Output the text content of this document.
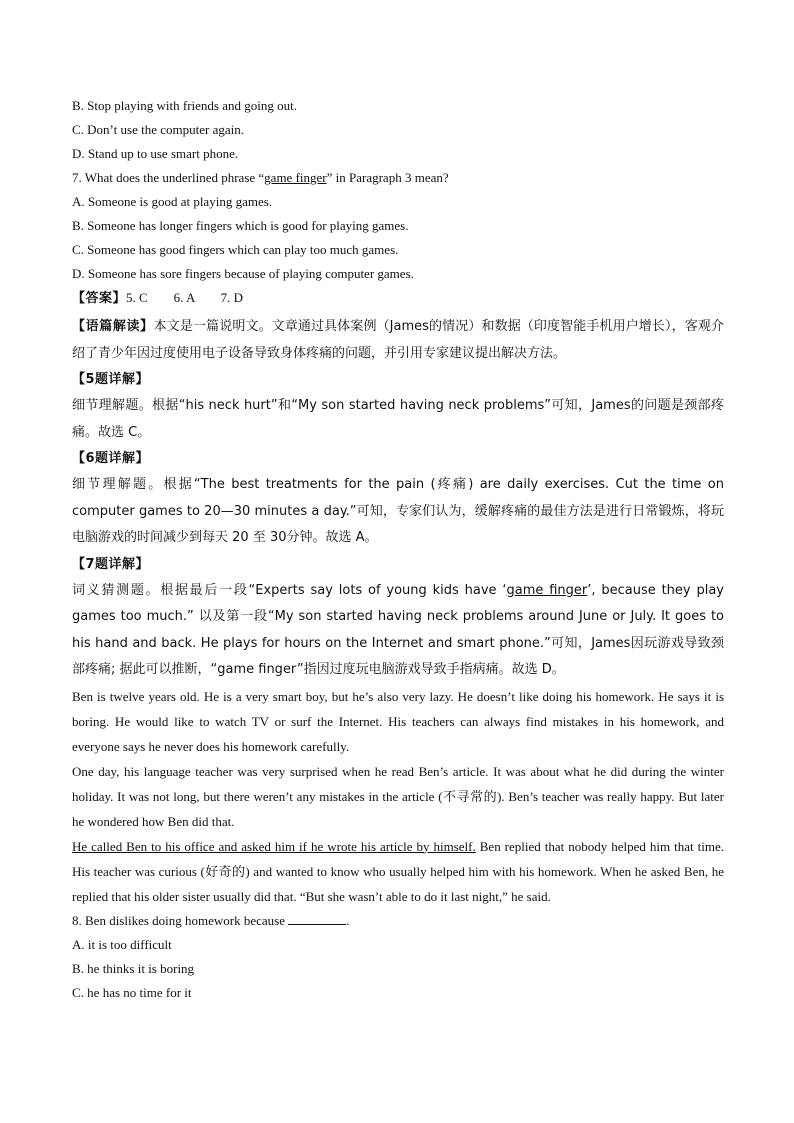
B. Stop playing with friends and going out.

C. Don’t use the computer again.

D. Stand up to use smart phone.

7. What does the underlined phrase “game finger” in Paragraph 3 mean?

A. Someone is good at playing games.

B. Someone has longer fingers which is good for playing games.

C. Someone has good fingers which can play too much games.

D. Someone has sore fingers because of playing computer games.

【答案】5. C        6. A        7. D

【语篇解读】本文是一篇说明文。文章通过具体案例（James的情况）和数据（印度智能手机用户增长），客观介绍了青少年因过度使用电子设备导致身体疼痛的问题，并引用专家建议提出解决方法。

【5题详解】

细节理解题。根据“his neck hurt”和“My son started having neck problems”可知，James的问题是颈部疼痛。故选 C。

【6题详解】

细节理解题。根据“The best treatments for the pain (疼痛) are daily exercises. Cut the time on computer games to 20—30 minutes a day.”可知，专家们认为，缓解疼痛的最佳方法是进行日常锻炼，将玩电脑游戏的时间减少到每天 20 至 30分钟。故选 A。

【7题详解】

词义猜测题。根据最后一段“Experts say lots of young kids have ‘game finger’, because they play games too much.” 以及第一段“My son started having neck problems around June or July. It goes to his hand and back. He plays for hours on the Internet and smart phone.”可知，James因玩游戏导致颈部疼痛; 据此可以推断，“game finger”指因过度玩电脑游戏导致手指病痛。故选 D。

Ben is twelve years old. He is a very smart boy, but he’s also very lazy. He doesn’t like doing his homework. He says it is boring. He would like to watch TV or surf the Internet. His teachers can always find mistakes in his homework, and everyone says he never does his homework carefully.

One day, his language teacher was very surprised when he read Ben’s article. It was about what he did during the winter holiday. It was not long, but there weren’t any mistakes in the article (不寻常的). Ben’s teacher was really happy. But later he wondered how Ben did that.

He called Ben to his office and asked him if he wrote his article by himself. Ben replied that nobody helped him that time. His teacher was curious (好奇的) and wanted to know who usually helped him with his homework. When he asked Ben, he replied that his older sister usually did that. “But she wasn’t able to do it last night,” he said.

8. Ben dislikes doing homework because	.

A. it is too difficult

B. he thinks it is boring

C. he has no time for it
